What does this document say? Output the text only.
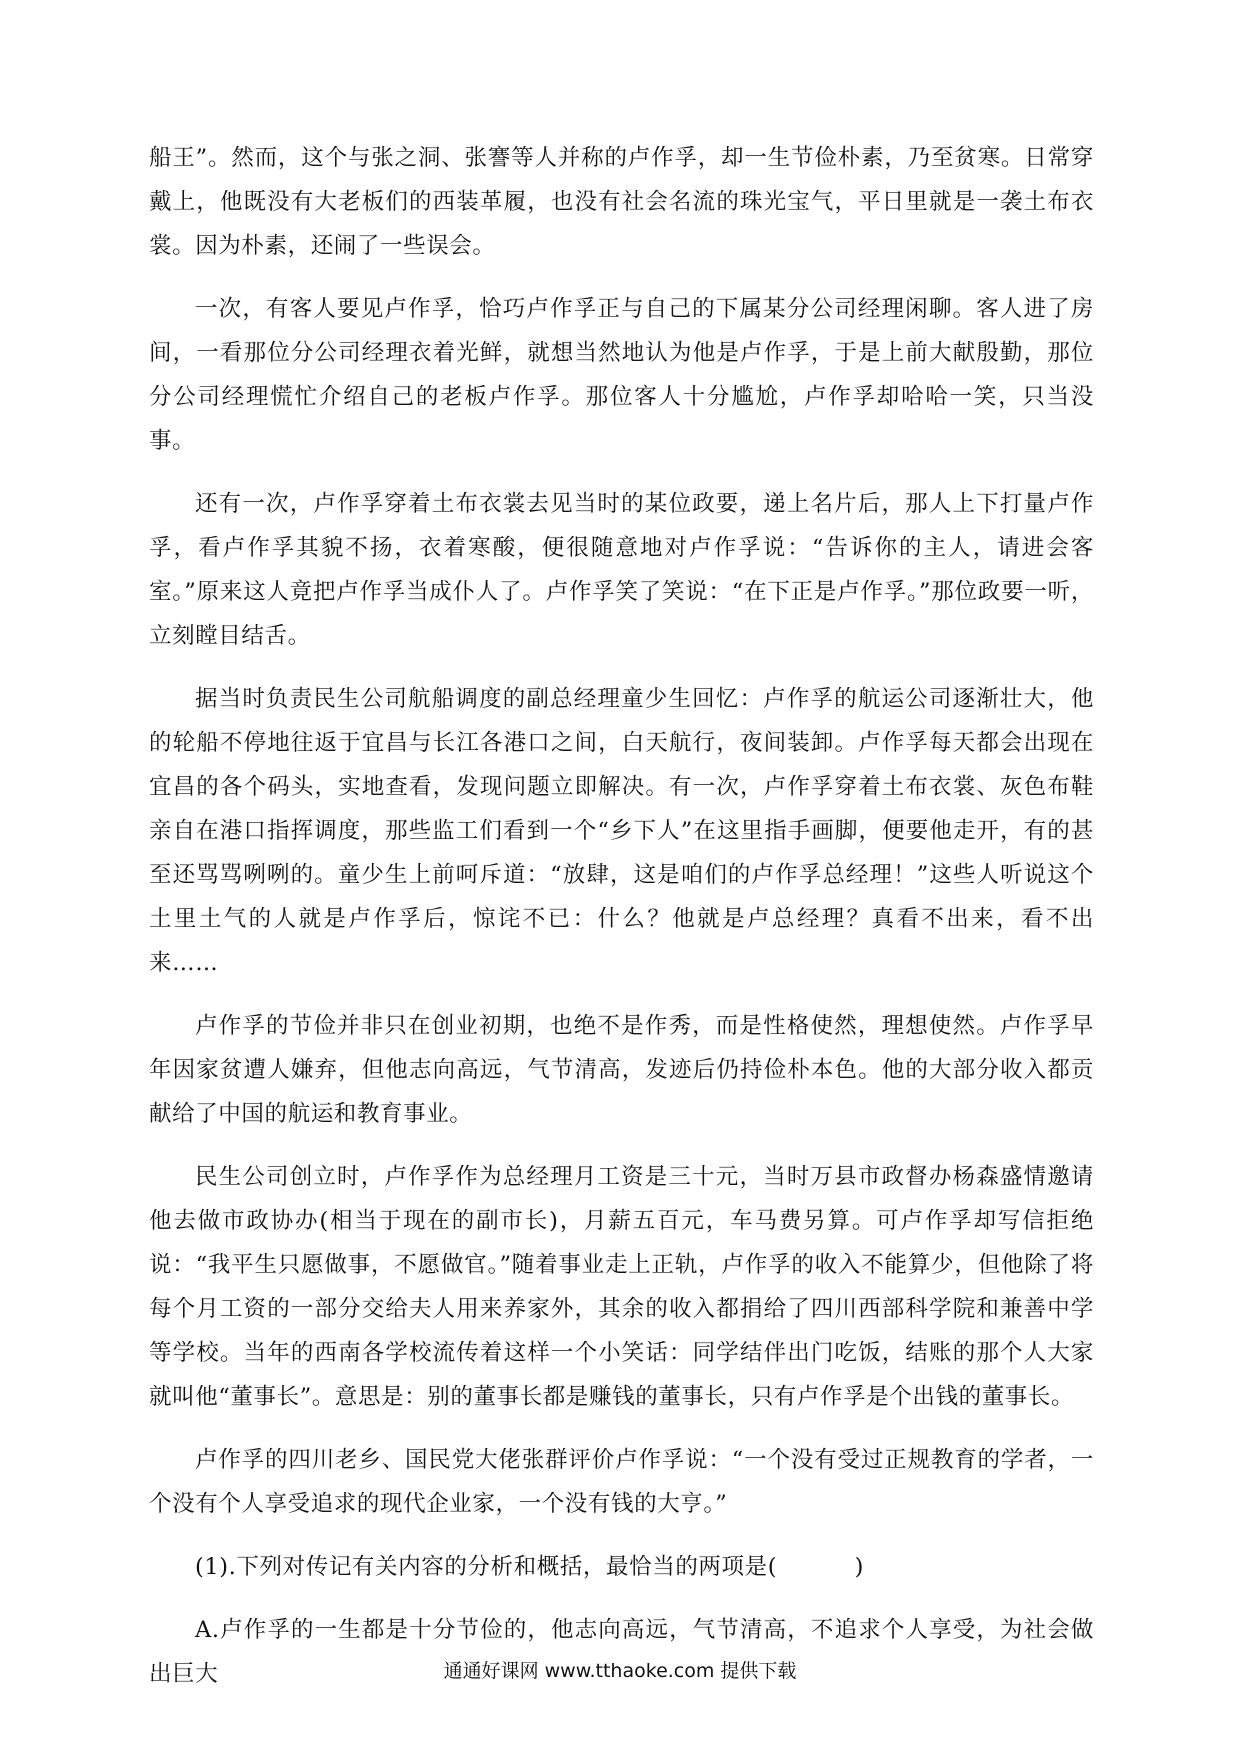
船王”。然而，这个与张之洞、张謇等人并称的卢作孚，却一生节俭朴素，乃至贫寒。日常穿戴上，他既没有大老板们的西装革履，也没有社会名流的珠光宝气，平日里就是一袭土布衣裳。因为朴素，还闹了一些误会。

一次，有客人要见卢作孚，恰巧卢作孚正与自己的下属某分公司经理闲聊。客人进了房间，一看那位分公司经理衣着光鲜，就想当然地认为他是卢作孚，于是上前大献殷勤，那位分公司经理慌忙介绍自己的老板卢作孚。那位客人十分尴尬，卢作孚却哈哈一笑，只当没事。

还有一次，卢作孚穿着土布衣裳去见当时的某位政要，递上名片后，那人上下打量卢作孚，看卢作孚其貌不扬，衣着寒酸，便很随意地对卢作孚说：“告诉你的主人，请进会客室。”原来这人竟把卢作孚当成仆人了。卢作孚笑了笑说：“在下正是卢作孚。”那位政要一听，立刻瞠目结舌。

据当时负责民生公司航船调度的副总经理童少生回忆：卢作孚的航运公司逐渐壮大，他的轮船不停地往返于宜昌与长江各港口之间，白天航行，夜间装卸。卢作孚每天都会出现在宜昌的各个码头，实地查看，发现问题立即解决。有一次，卢作孚穿着土布衣裳、灰色布鞋亲自在港口指挥调度，那些监工们看到一个“乡下人”在这里指手画脚，便要他走开，有的甚至还骂骂咧咧的。童少生上前呵斥道：“放肆，这是咱们的卢作孚总经理！”这些人听说这个土里土气的人就是卢作孚后，惊诧不已：什么？他就是卢总经理？真看不出来，看不出来……

卢作孚的节俭并非只在创业初期，也绝不是作秀，而是性格使然，理想使然。卢作孚早年因家贫遭人嫌弃，但他志向高远，气节清高，发迹后仍持俭朴本色。他的大部分收入都贡献给了中国的航运和教育事业。

民生公司创立时，卢作孚作为总经理月工资是三十元，当时万县市政督办杨森盛情邀请他去做市政协办(相当于现在的副市长)，月薪五百元，车马费另算。可卢作孚却写信拒绝说：“我平生只愿做事，不愿做官。”随着事业走上正轨，卢作孚的收入不能算少，但他除了将每个月工资的一部分交给夫人用来养家外，其余的收入都捐给了四川西部科学院和兼善中学等学校。当年的西南各学校流传着这样一个小笑话：同学结伴出门吃饭，结账的那个人大家就叫他“董事长”。意思是：别的董事长都是赚钱的董事长，只有卢作孚是个出钱的董事长。

卢作孚的四川老乡、国民党大佬张群评价卢作孚说：“一个没有受过正规教育的学者，一个没有个人享受追求的现代企业家，一个没有钱的大亨。”

(1).下列对传记有关内容的分析和概括，最恰当的两项是(          )

A.卢作孚的一生都是十分节俭的，他志向高远，气节清高，不追求个人享受，为社会做出巨大	通通好课网 www.tthaoke.com 提供下载
